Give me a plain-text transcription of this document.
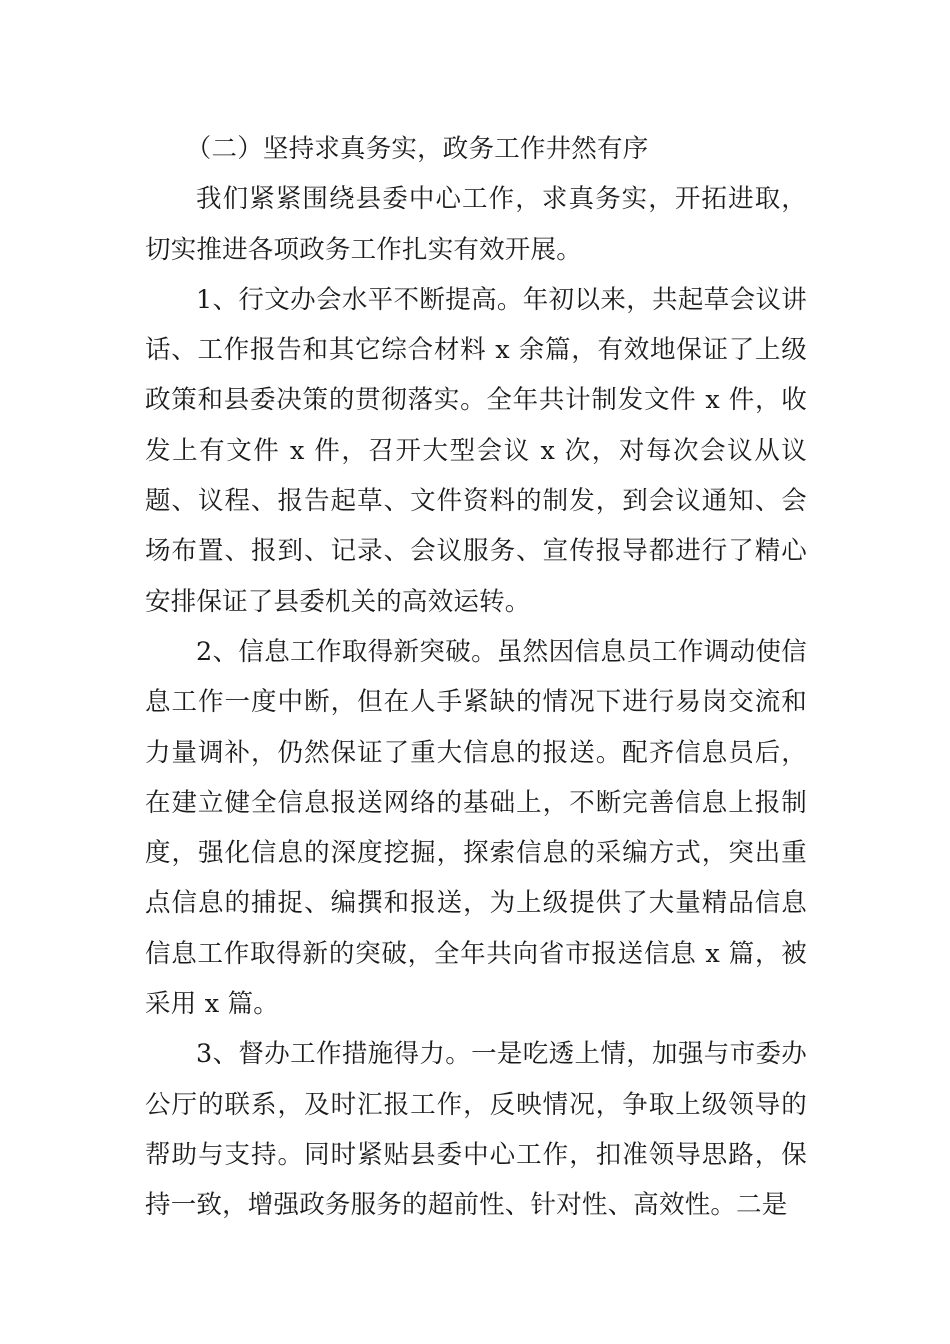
（二）坚持求真务实，政务工作井然有序

我们紧紧围绕县委中心工作，求真务实，开拓进取，切实推进各项政务工作扎实有效开展。

1、行文办会水平不断提高。年初以来，共起草会议讲话、工作报告和其它综合材料 x 余篇，有效地保证了上级政策和县委决策的贯彻落实。全年共计制发文件 x 件，收发上有文件 x 件，召开大型会议 x 次，对每次会议从议题、议程、报告起草、文件资料的制发，到会议通知、会场布置、报到、记录、会议服务、宣传报导都进行了精心安排保证了县委机关的高效运转。

2、信息工作取得新突破。虽然因信息员工作调动使信息工作一度中断，但在人手紧缺的情况下进行易岗交流和力量调补，仍然保证了重大信息的报送。配齐信息员后，在建立健全信息报送网络的基础上，不断完善信息上报制度，强化信息的深度挖掘，探索信息的采编方式，突出重点信息的捕捉、编撰和报送，为上级提供了大量精品信息信息工作取得新的突破，全年共向省市报送信息 x 篇，被采用 x 篇。

3、督办工作措施得力。一是吃透上情，加强与市委办公厅的联系，及时汇报工作，反映情况，争取上级领导的帮助与支持。同时紧贴县委中心工作，扣准领导思路，保持一致，增强政务服务的超前性、针对性、高效性。二是
